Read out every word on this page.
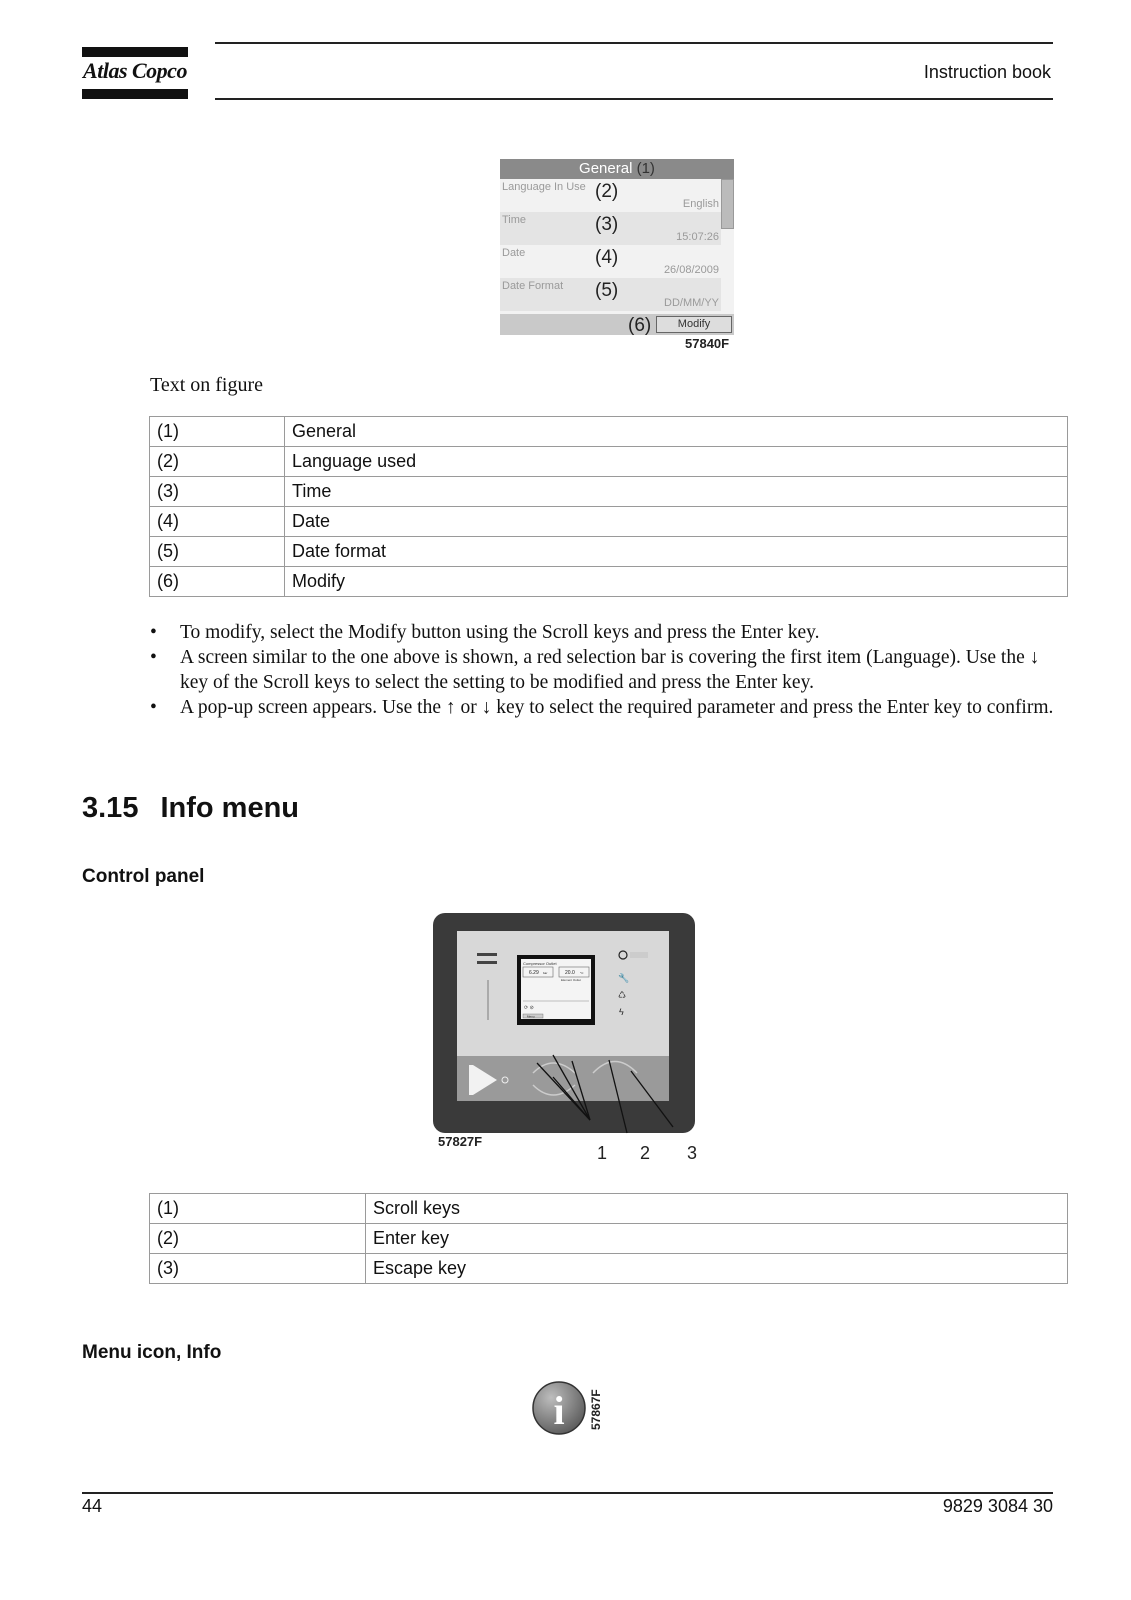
Atlas Copco	Instruction book
General (1)
Language In Use (2)
English
Time	(3)
15:07:26
Date	(4)
26/08/2009
Date Format (5)
DD/MM/YY
(6)	Modify
57840F
Text on figure
(1)	General
(2)	Language used
(3)	Time
(4)	Date
(5)	Date format
(6)	Modify
• To modify, select the Modify button using the Scroll keys and press the Enter key.
• A screen similar to the one above is shown, a red selection bar is covering the first item (Language). Use the ↓ key of the Scroll keys to select the setting to be modified and press the Enter key.
• A pop-up screen appears. Use the ↑ or ↓ key to select the required parameter and press the Enter key to confirm.
3.15 Info menu
Control panel
Compressor Outlet
6.29 bar	20.0 °C
Element Outlet
⟳ ⊘
Menu
🔧
♺
ϟ
57827F
1 2 3
(1)	Scroll keys
(2)	Enter key
(3)	Escape key
Menu icon, Info
i 57867F
44	9829 3084 30
